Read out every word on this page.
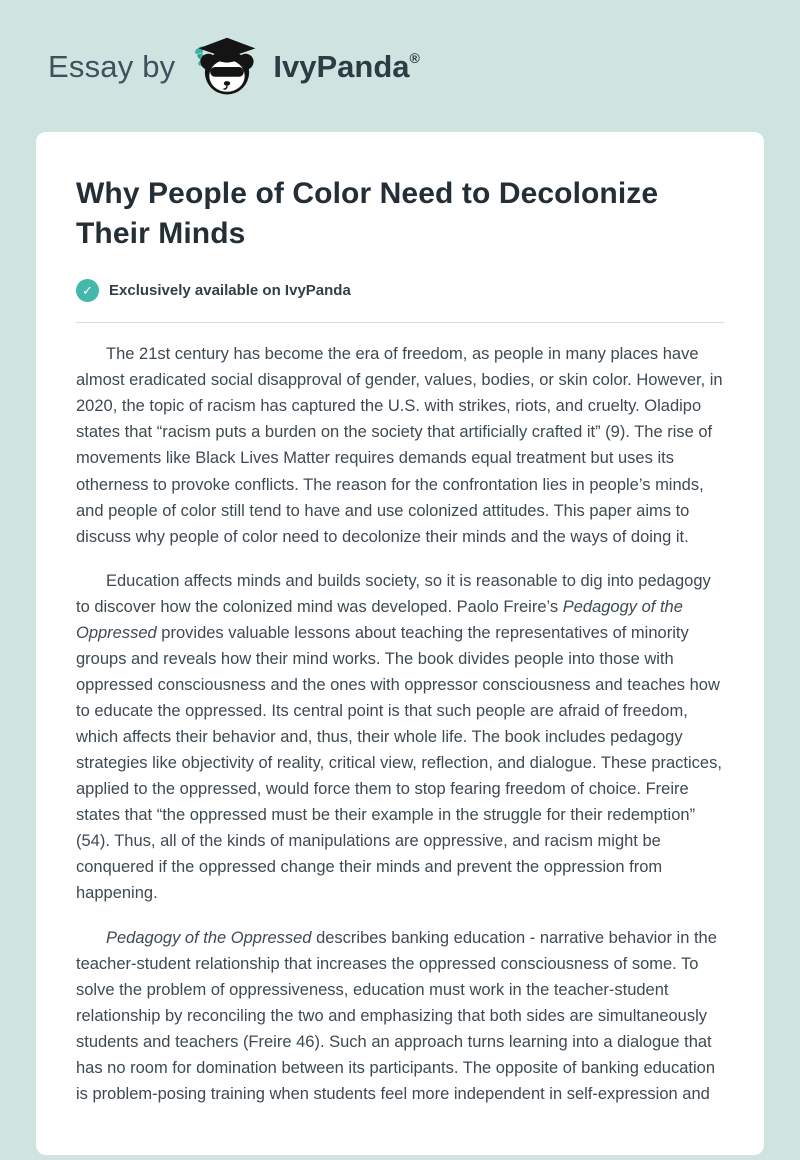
Essay by	IvyPanda®
Why People of Color Need to Decolonize Their Minds
✓	Exclusively available on IvyPanda

The 21st century has become the era of freedom, as people in many places have almost eradicated social disapproval of gender, values, bodies, or skin color. However, in 2020, the topic of racism has captured the U.S. with strikes, riots, and cruelty. Oladipo states that “racism puts a burden on the society that artificially crafted it” (9). The rise of movements like Black Lives Matter requires demands equal treatment but uses its otherness to provoke conflicts. The reason for the confrontation lies in people’s minds, and people of color still tend to have and use colonized attitudes. This paper aims to discuss why people of color need to decolonize their minds and the ways of doing it.

Education affects minds and builds society, so it is reasonable to dig into pedagogy to discover how the colonized mind was developed. Paolo Freire’s Pedagogy of the Oppressed provides valuable lessons about teaching the representatives of minority groups and reveals how their mind works. The book divides people into those with oppressed consciousness and the ones with oppressor consciousness and teaches how to educate the oppressed. Its central point is that such people are afraid of freedom, which affects their behavior and, thus, their whole life. The book includes pedagogy strategies like objectivity of reality, critical view, reflection, and dialogue. These practices, applied to the oppressed, would force them to stop fearing freedom of choice. Freire states that “the oppressed must be their example in the struggle for their redemption” (54). Thus, all of the kinds of manipulations are oppressive, and racism might be conquered if the oppressed change their minds and prevent the oppression from happening.

Pedagogy of the Oppressed describes banking education - narrative behavior in the teacher-student relationship that increases the oppressed consciousness of some. To solve the problem of oppressiveness, education must work in the teacher-student relationship by reconciling the two and emphasizing that both sides are simultaneously students and teachers (Freire 46). Such an approach turns learning into a dialogue that has no room for domination between its participants. The opposite of banking education is problem-posing training when students feel more independent in self-expression and
